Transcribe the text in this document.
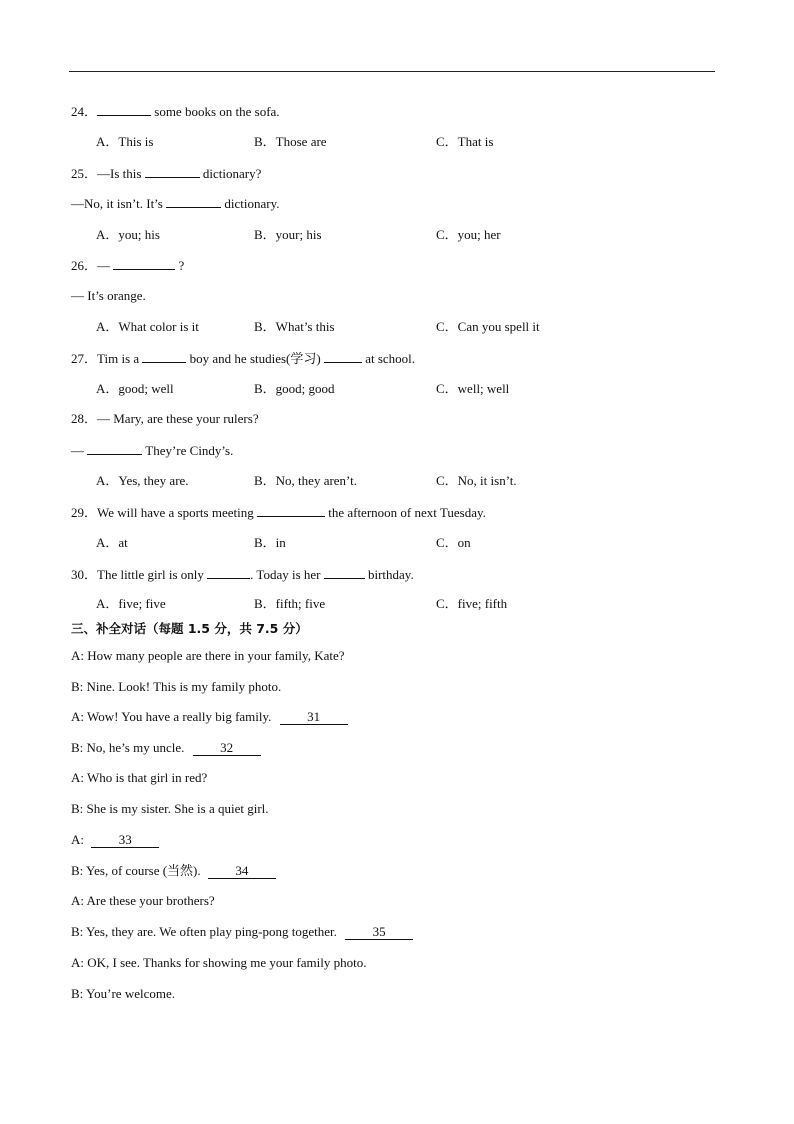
24．	some books on the sofa.
A．This is	B．Those are	C．That is
25．—Is this	dictionary?
—No, it isn’t. It’s	dictionary.
A．you; his	B．your; his	C．you; her
26．—	?
— It’s orange.
A．What color is it	B．What’s this	C．Can you spell it
27．Tim is a	boy and he studies(学习)	at school.
A．good; well	B．good; good	C．well; well
28．— Mary, are these your rulers?
—	They’re Cindy’s.
A．Yes, they are.	B．No, they aren’t.	C．No, it isn’t.
29．We will have a sports meeting	the afternoon of next Tuesday.
A．at	B．in	C．on
30．The little girl is only	. Today is her	birthday.
A．five; five	B．fifth; five	C．five; fifth
三、补全对话（每题 1.5 分，共 7.5 分）
A: How many people are there in your family, Kate?
B: Nine. Look! This is my family photo.
A: Wow! You have a really big family.	31
B: No, he’s my uncle.	32
A: Who is that girl in red?
B: She is my sister. She is a quiet girl.
A: 33
B: Yes, of course (当然). 34
A: Are these your brothers?
B: Yes, they are. We often play ping-pong together.	35
A: OK, I see. Thanks for showing me your family photo.
B: You’re welcome.
